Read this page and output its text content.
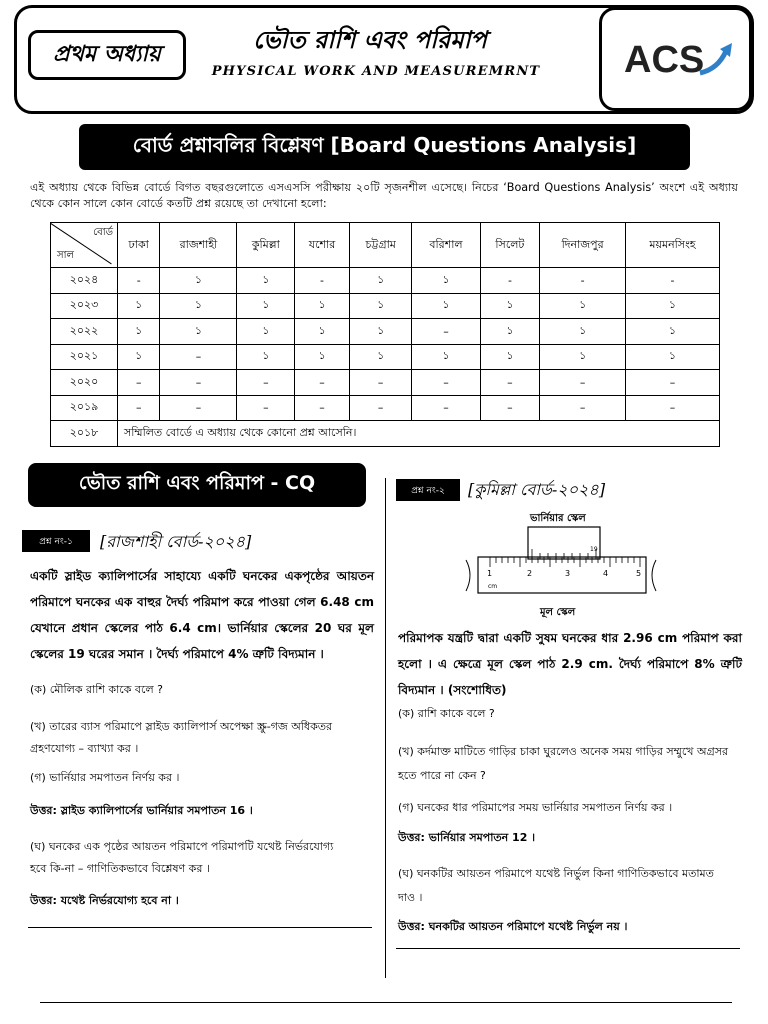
প্রথম অধ্যায়	ভৌত রাশি এবং পরিমাপ
PHYSICAL WORK AND MEASUREMRNT	ACS
বোর্ড প্রশ্নাবলির বিশ্লেষণ [Board Questions Analysis]
এই অধ্যায় থেকে বিভিন্ন বোর্ডে বিগত বছরগুলোতে এসএসসি পরীক্ষায় ২০টি সৃজনশীল এসেছে। নিচের ‘Board Questions Analysis’ অংশে এই অধ্যায় থেকে কোন সালে কোন বোর্ডে কতটি প্রশ্ন রয়েছে তা দেখানো হলো:
বোর্ড
সাল	ঢাকা	রাজশাহী	কুমিল্লা	যশোর	চট্টগ্রাম	বরিশাল	সিলেট	দিনাজপুর	ময়মনসিংহ
২০২৪	-	১	১	-	১	১	-	-	-
২০২৩	১	১	১	১	১	১	১	১	১
২০২২	১	১	১	১	১	–	১	১	১
২০২১	১	–	১	১	১	১	১	১	১
২০২০	–	–	–	–	–	–	–	–	–
২০১৯	–	–	–	–	–	–	–	–	–
২০১৮	সম্মিলিত বোর্ডে এ অধ্যায় থেকে কোনো প্রশ্ন আসেনি।								
ভৌত রাশি এবং পরিমাপ - CQ
প্রশ্ন নং-১	[রাজশাহী বোর্ড-২০২৪]
একটি স্লাইড ক্যালিপার্সের সাহায্যে একটি ঘনকের একপৃষ্ঠের আয়তন পরিমাপে ঘনকের এক বাহুর দৈর্ঘ্য পরিমাপ করে পাওয়া গেল 6.48 cm যেখানে প্রধান স্কেলের পাঠ 6.4 cm। ভার্নিয়ার স্কেলের 20 ঘর মূল স্কেলের 19 ঘরের সমান । দৈর্ঘ্য পরিমাপে 4% ত্রুটি বিদ্যমান ।
(ক) মৌলিক রাশি কাকে বলে ?
(খ) তারের ব্যাস পরিমাপে স্লাইড ক্যালিপার্স অপেক্ষা স্ক্রু-গজ অধিকতর গ্রহণযোগ্য – ব্যাখ্যা কর ।
(গ) ভার্নিয়ার সমপাতন নির্ণয় কর ।
উত্তর: স্লাইড ক্যালিপার্সের ভার্নিয়ার সমপাতন 16 ।
(ঘ) ঘনকের এক পৃষ্ঠের আয়তন পরিমাপে পরিমাপটি যথেষ্ট নির্ভরযোগ্য হবে কি-না – গাণিতিকভাবে বিশ্লেষণ কর ।
উত্তর: যথেষ্ট নির্ভরযোগ্য হবে না ।
প্রশ্ন নং-২	[কুমিল্লা বোর্ড-২০২৪]
ভার্নিয়ার স্কেল
19
1	2	3	4	5
cm
মূল স্কেল
পরিমাপক যন্ত্রটি দ্বারা একটি সুষম ঘনকের ধার 2.96 cm পরিমাপ করা হলো । এ ক্ষেত্রে মূল স্কেল পাঠ 2.9 cm. দৈর্ঘ্য পরিমাপে 8% ত্রুটি বিদ্যমান । (সংশোধিত)
(ক) রাশি কাকে বলে ?
(খ) কর্দমাক্ত মাটিতে গাড়ির চাকা ঘুরলেও অনেক সময় গাড়ির সম্মুখে অগ্রসর হতে পারে না কেন ?
(গ) ঘনকের ধার পরিমাপের সময় ভার্নিয়ার সমপাতন নির্ণয় কর ।
উত্তর: ভার্নিয়ার সমপাতন 12 ।
(ঘ) ঘনকটির আয়তন পরিমাপে যথেষ্ট নির্ভুল কিনা গাণিতিকভাবে মতামত দাও ।
উত্তর: ঘনকটির আয়তন পরিমাপে যথেষ্ট নির্ভুল নয় ।
